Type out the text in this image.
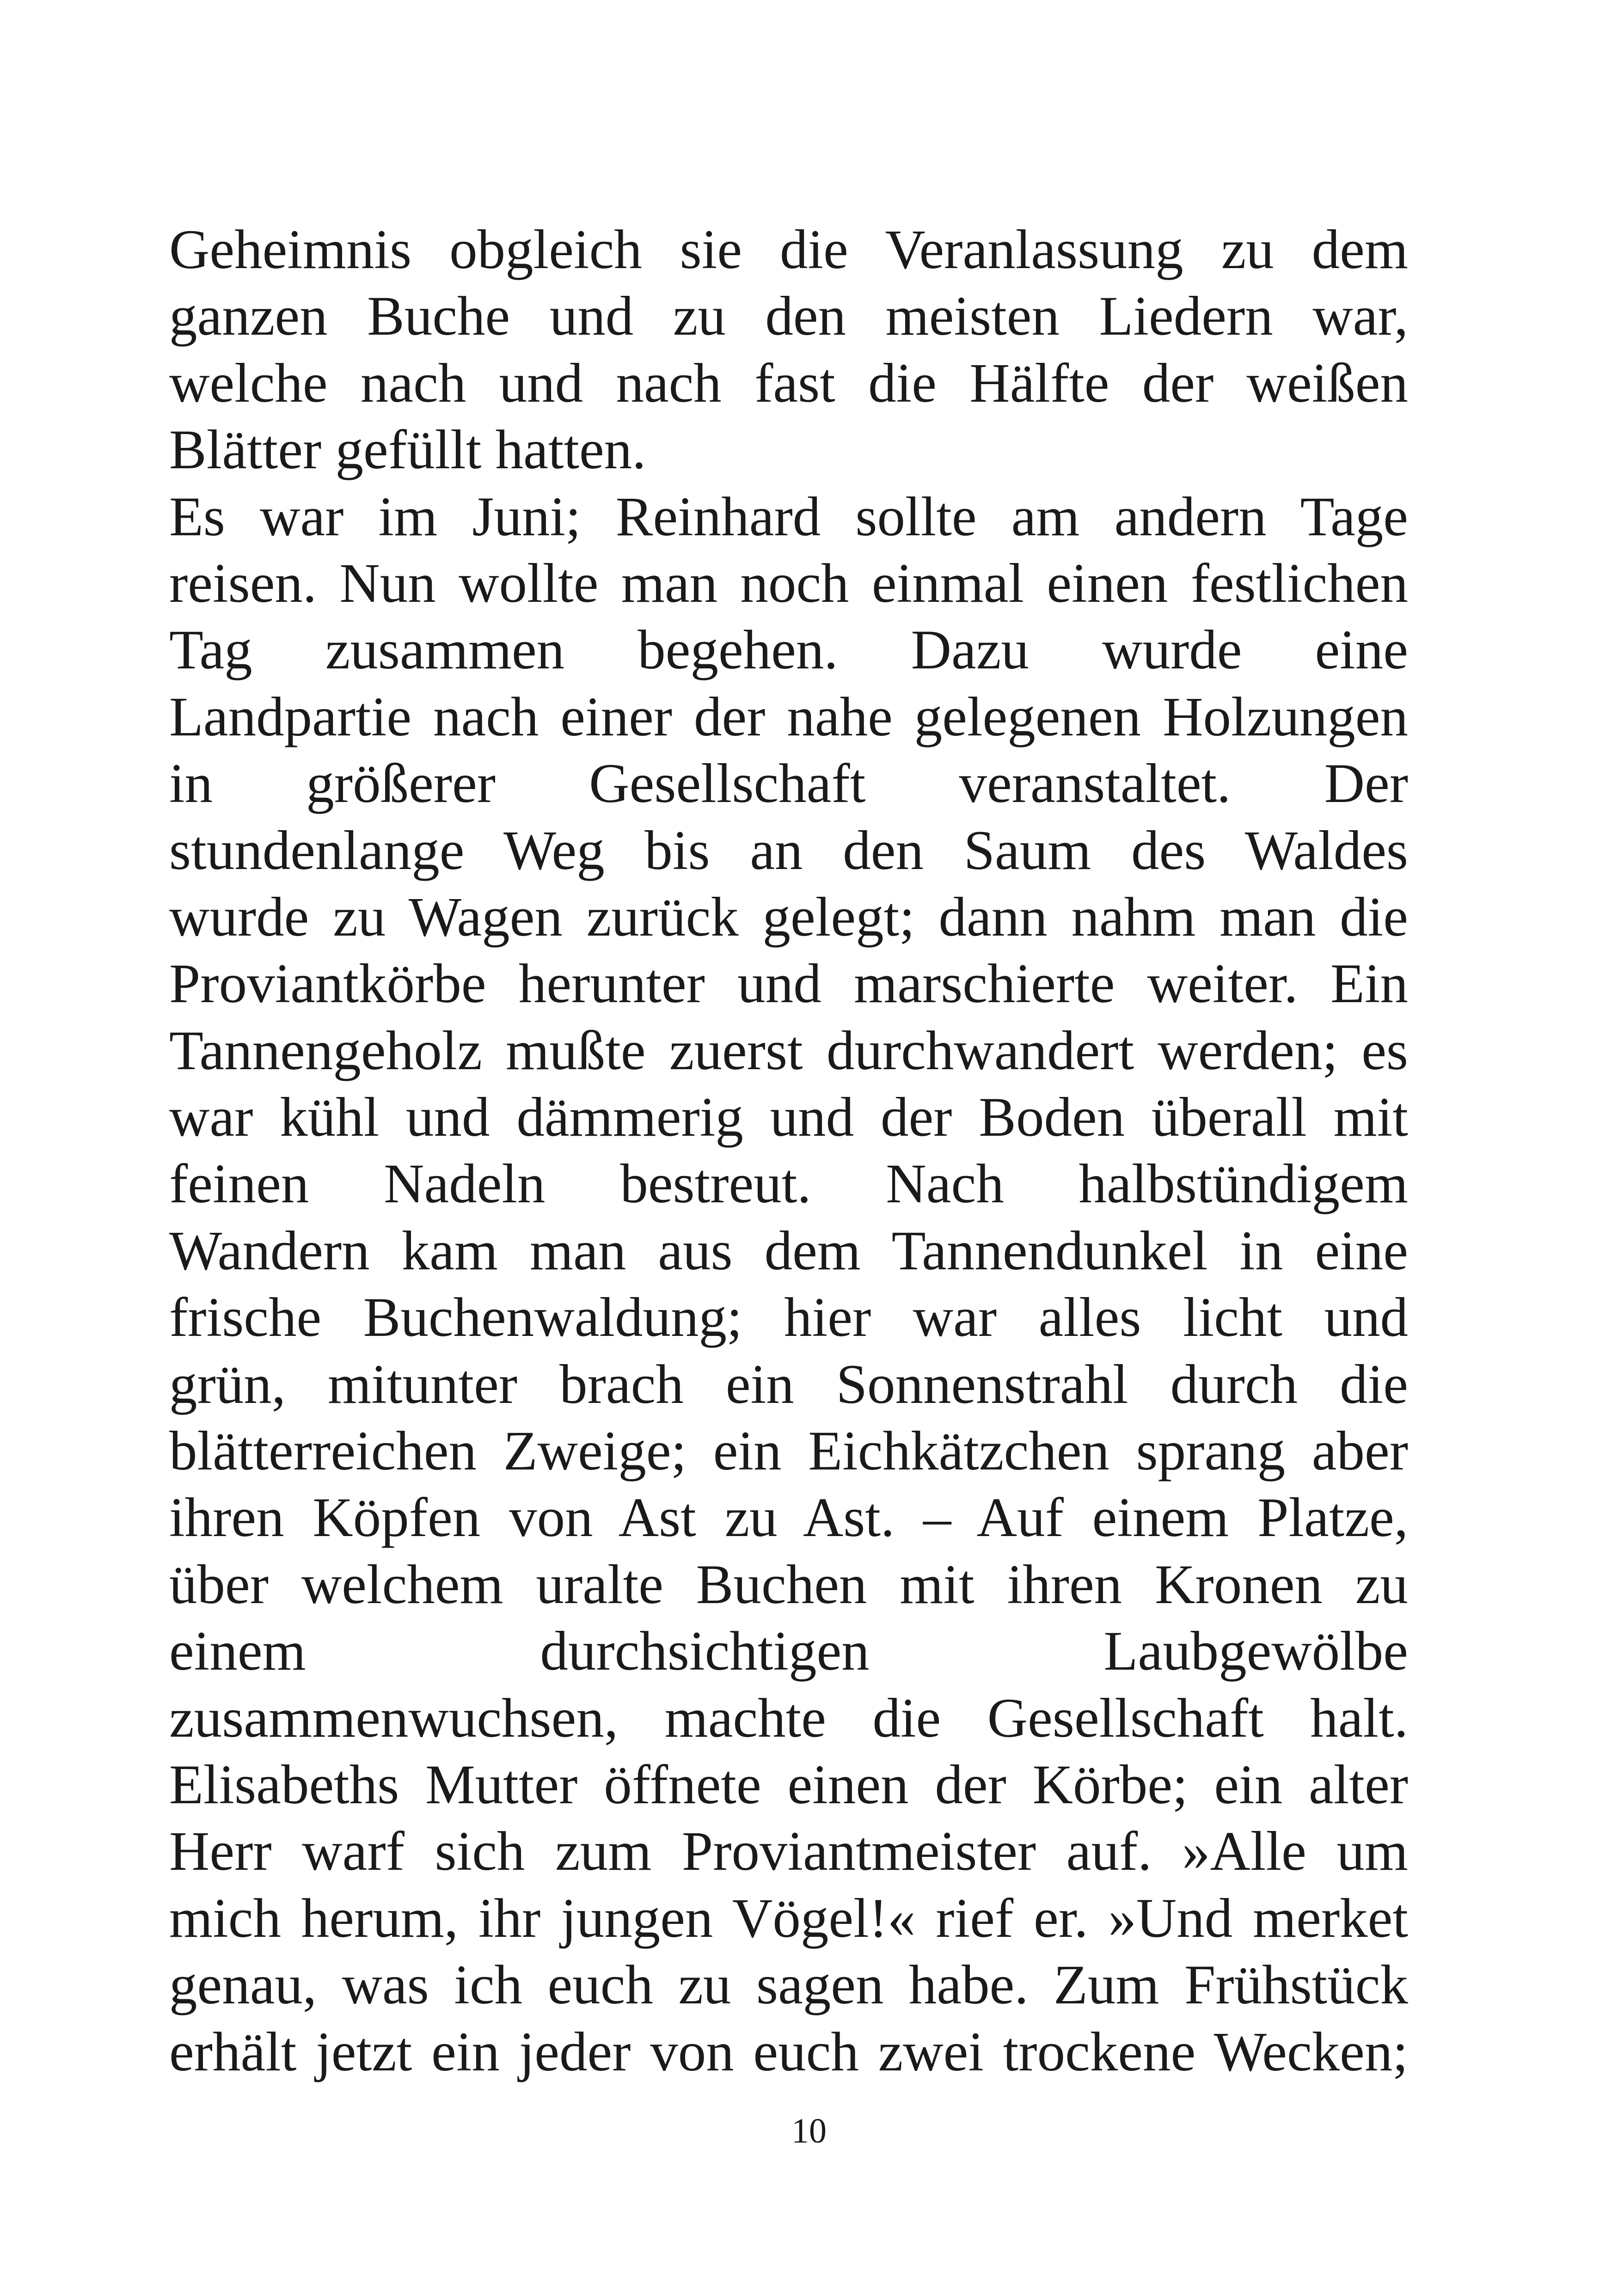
Geheimnis obgleich sie die Veranlassung zu dem
ganzen Buche und zu den meisten Liedern war,
welche nach und nach fast die Hälfte der weißen
Blätter gefüllt hatten.
Es war im Juni; Reinhard sollte am andern Tage
reisen. Nun wollte man noch einmal einen festlichen
Tag zusammen begehen. Dazu wurde eine
Landpartie nach einer der nahe gelegenen Holzungen
in größerer Gesellschaft veranstaltet. Der
stundenlange Weg bis an den Saum des Waldes
wurde zu Wagen zurück gelegt; dann nahm man die
Proviantkörbe herunter und marschierte weiter. Ein
Tannengeholz mußte zuerst durchwandert werden; es
war kühl und dämmerig und der Boden überall mit
feinen Nadeln bestreut. Nach halbstündigem
Wandern kam man aus dem Tannendunkel in eine
frische Buchenwaldung; hier war alles licht und
grün, mitunter brach ein Sonnenstrahl durch die
blätterreichen Zweige; ein Eichkätzchen sprang aber
ihren Köpfen von Ast zu Ast. – Auf einem Platze,
über welchem uralte Buchen mit ihren Kronen zu
einem durchsichtigen Laubgewölbe
zusammenwuchsen, machte die Gesellschaft halt.
Elisabeths Mutter öffnete einen der Körbe; ein alter
Herr warf sich zum Proviantmeister auf. »Alle um
mich herum, ihr jungen Vögel!« rief er. »Und merket
genau, was ich euch zu sagen habe. Zum Frühstück
erhält jetzt ein jeder von euch zwei trockene Wecken;
10
